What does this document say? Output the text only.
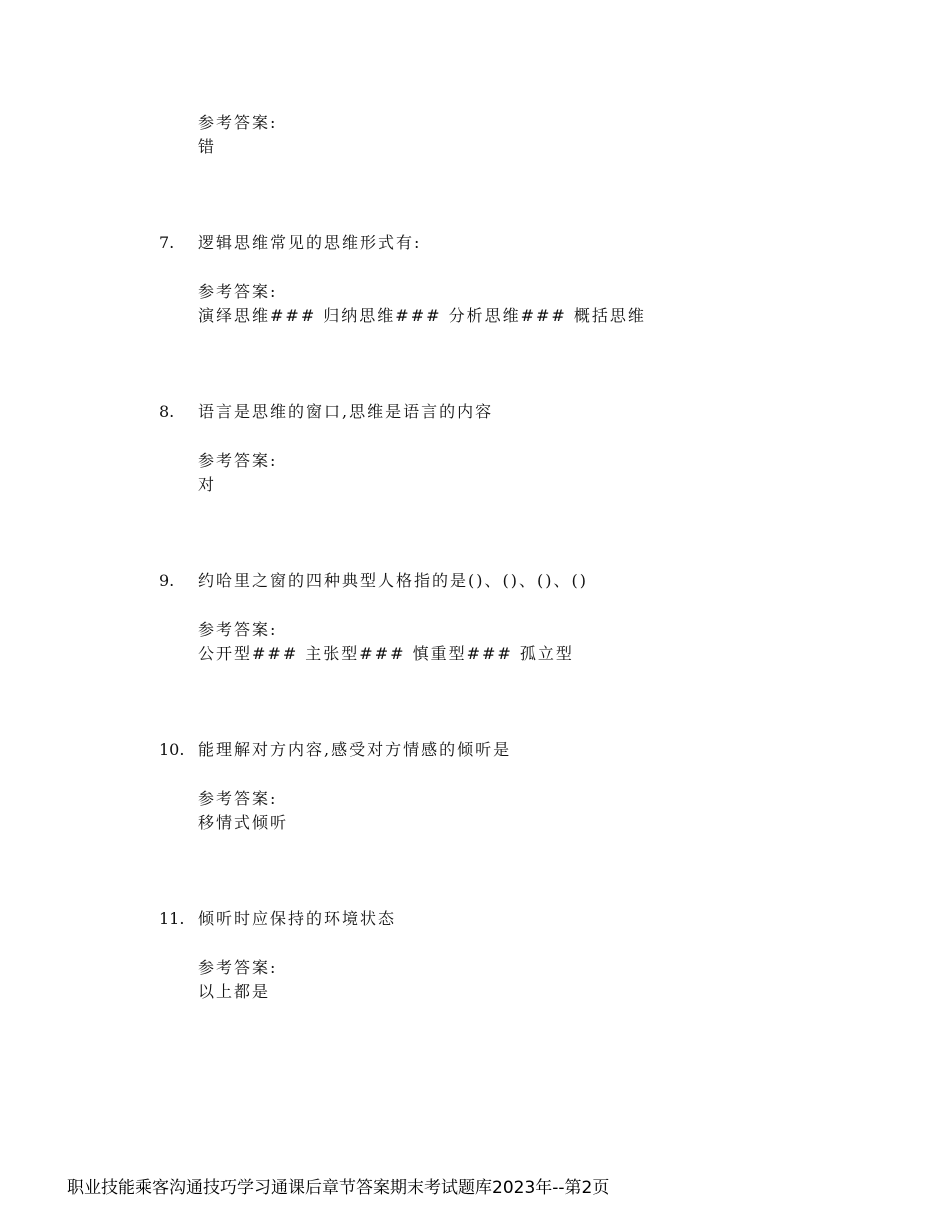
参考答案:
错
7. 逻辑思维常见的思维形式有:
参考答案:
演绎思维### 归纳思维### 分析思维### 概括思维
8. 语言是思维的窗口,思维是语言的内容
参考答案:
对
9. 约哈里之窗的四种典型人格指的是()、()、()、()
参考答案:
公开型### 主张型### 慎重型### 孤立型
10. 能理解对方内容,感受对方情感的倾听是
参考答案:
移情式倾听
11. 倾听时应保持的环境状态
参考答案:
以上都是
职业技能乘客沟通技巧学习通课后章节答案期末考试题库2023年--第2页
